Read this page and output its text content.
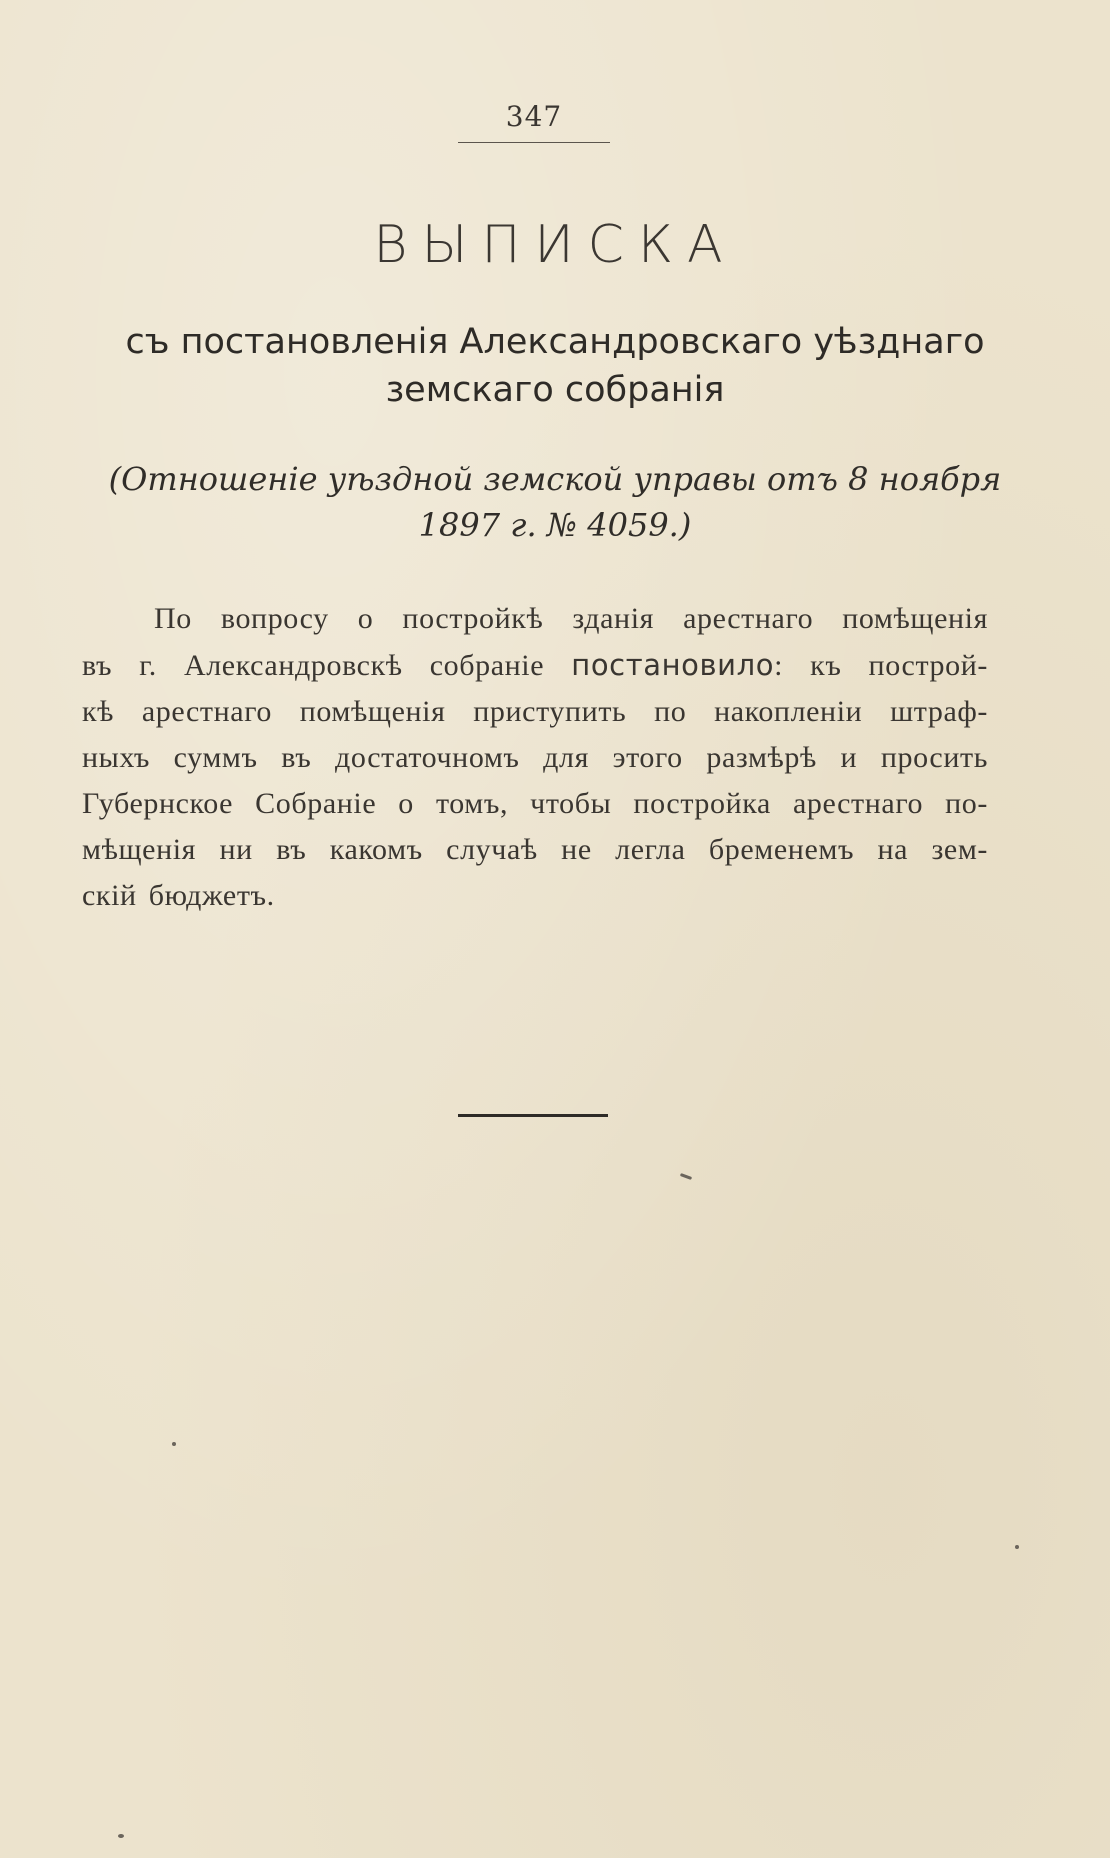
347
ВЫПИСКА
съ постановленія Александровскаго уѣзднаго
земскаго собранія
(Отношеніе уѣздной земской управы отъ 8 ноября
1897 г. № 4059.)
По вопросу о постройкѣ зданія арестнаго помѣщенія
въ г. Александровскѣ собраніе постановило: къ построй-
кѣ арестнаго помѣщенія приступить по накопленіи штраф-
ныхъ суммъ въ достаточномъ для этого размѣрѣ и просить
Губернское Собраніе о томъ, чтобы постройка арестнаго по-
мѣщенія ни въ какомъ случаѣ не легла бременемъ на зем-
скій бюджетъ.
